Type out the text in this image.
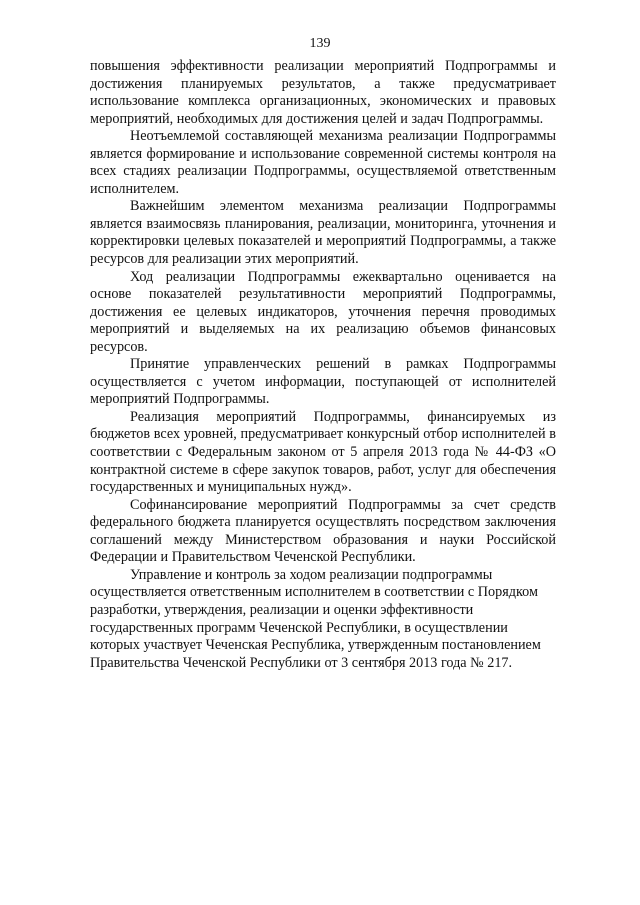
139

повышения эффективности реализации мероприятий Подпрограммы и достижения планируемых результатов, а также предусматривает использование комплекса организационных, экономических и правовых мероприятий, необходимых для достижения целей и задач Подпрограммы.

Неотъемлемой составляющей механизма реализации Подпрограммы является формирование и использование современной системы контроля на всех стадиях реализации Подпрограммы, осуществляемой ответственным исполнителем.

Важнейшим элементом механизма реализации Подпрограммы является взаимосвязь планирования, реализации, мониторинга, уточнения и корректировки целевых показателей и мероприятий Подпрограммы, а также ресурсов для реализации этих мероприятий.

Ход реализации Подпрограммы ежеквартально оценивается на основе показателей результативности мероприятий Подпрограммы, достижения ее целевых индикаторов, уточнения перечня проводимых мероприятий и выделяемых на их реализацию объемов финансовых ресурсов.

Принятие управленческих решений в рамках Подпрограммы осуществляется с учетом информации, поступающей от исполнителей мероприятий Подпрограммы.

Реализация мероприятий Подпрограммы, финансируемых из бюджетов всех уровней, предусматривает конкурсный отбор исполнителей в соответствии с Федеральным законом от 5 апреля 2013 года № 44-ФЗ «О контрактной системе в сфере закупок товаров, работ, услуг для обеспечения государственных и муниципальных нужд».

Софинансирование мероприятий Подпрограммы за счет средств федерального бюджета планируется осуществлять посредством заключения соглашений между Министерством образования и науки Российской Федерации и Правительством Чеченской Республики.

Управление и контроль за ходом реализации подпрограммы осуществляется ответственным исполнителем в соответствии с Порядком разработки, утверждения, реализации и оценки эффективности государственных программ Чеченской Республики, в осуществлении которых участвует Чеченская Республика, утвержденным постановлением Правительства Чеченской Республики от 3 сентября 2013 года № 217.
